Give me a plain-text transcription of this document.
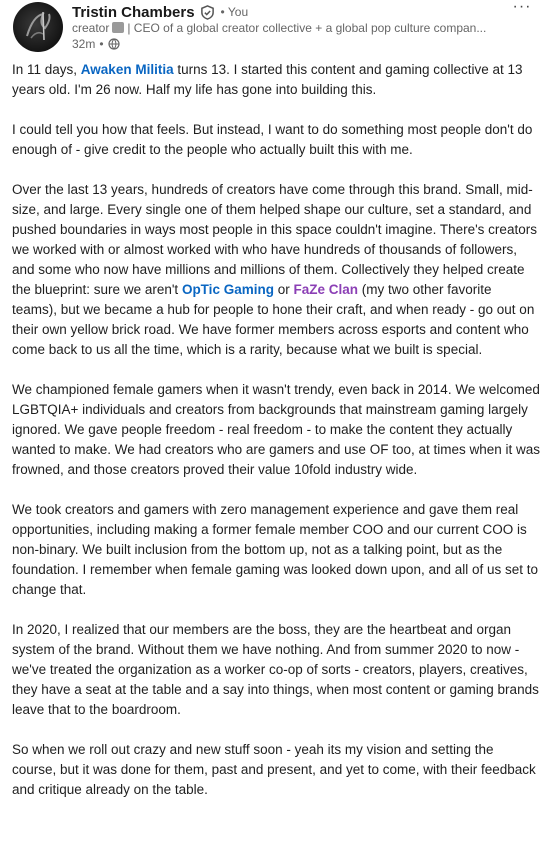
Tristin Chambers • You
creator | CEO of a global creator collective + a global pop culture compan...
32m •
···

In 11 days, Awaken Militia turns 13. I started this content and gaming collective at 13 years old. I'm 26 now. Half my life has gone into building this.

I could tell you how that feels. But instead, I want to do something most people don't do enough of - give credit to the people who actually built this with me.

Over the last 13 years, hundreds of creators have come through this brand. Small, mid-size, and large. Every single one of them helped shape our culture, set a standard, and pushed boundaries in ways most people in this space couldn't imagine. There's creators we worked with or almost worked with who have hundreds of thousands of followers, and some who now have millions and millions of them. Collectively they helped create the blueprint: sure we aren't OpTic Gaming or FaZe Clan (my two other favorite teams), but we became a hub for people to hone their craft, and when ready - go out on their own yellow brick road. We have former members across esports and content who come back to us all the time, which is a rarity, because what we built is special.

We championed female gamers when it wasn't trendy, even back in 2014. We welcomed LGBTQIA+ individuals and creators from backgrounds that mainstream gaming largely ignored. We gave people freedom - real freedom - to make the content they actually wanted to make. We had creators who are gamers and use OF too, at times when it was frowned, and those creators proved their value 10fold industry wide.

We took creators and gamers with zero management experience and gave them real opportunities, including making a former female member COO and our current COO is non-binary. We built inclusion from the bottom up, not as a talking point, but as the foundation. I remember when female gaming was looked down upon, and all of us set to change that.

In 2020, I realized that our members are the boss, they are the heartbeat and organ system of the brand. Without them we have nothing. And from summer 2020 to now - we've treated the organization as a worker co-op of sorts - creators, players, creatives, they have a seat at the table and a say into things, when most content or gaming brands leave that to the boardroom.

So when we roll out crazy and new stuff soon - yeah its my vision and setting the course, but it was done for them, past and present, and yet to come, with their feedback and critique already on the table.
